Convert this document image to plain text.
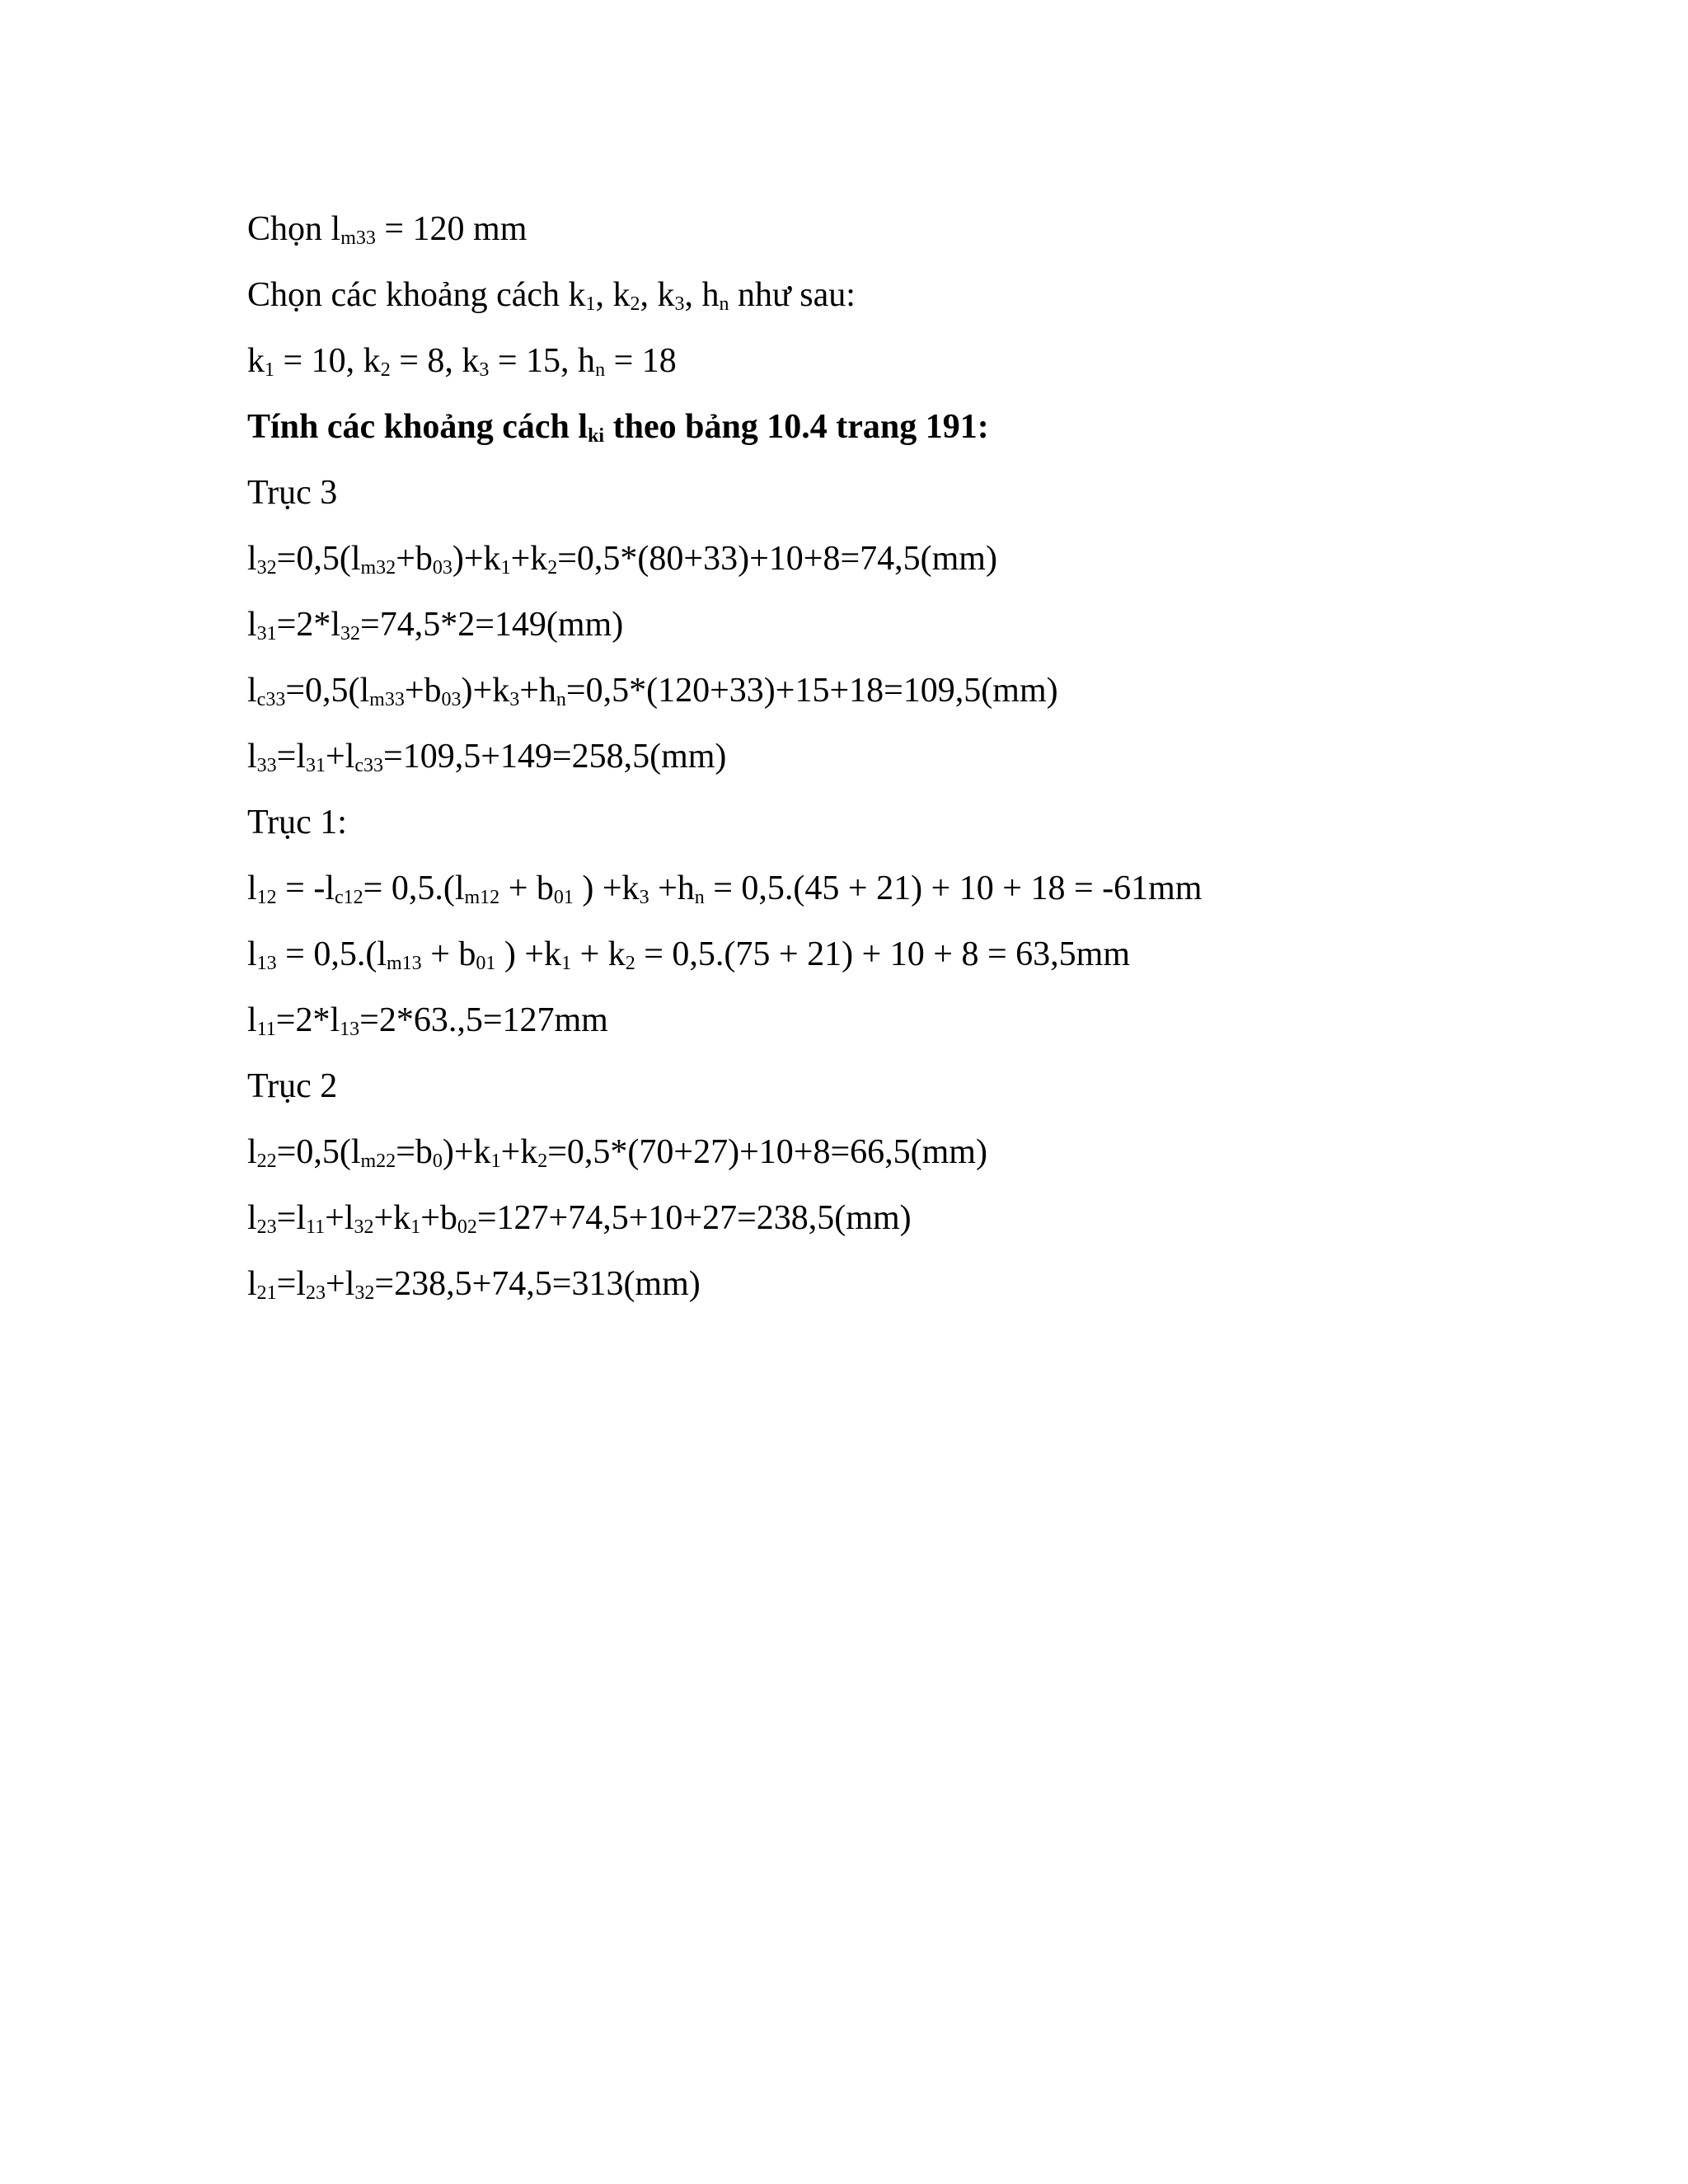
Chọn $l_{m33} = 120$ mm
Chọn các khoảng cách $k_1$, $k_2$, $k_3$, $h_n$ như sau:
$k_1 = 10$, $k_2 = 8$, $k_3 = 15$, $h_n = 18$
Tính các khoảng cách $l_{ki}$ theo bảng 10.4 trang 191:
Trục 3
$l_{32}=0,5(l_{m32}+b_{03})+k_1+k_2=0,5*(80+33)+10+8=74,5(mm)$
$l_{31}=2*l_{32}=74,5*2=149(mm)$
$l_{c33}=0,5(l_{m33}+b_{03})+k_3+h_n=0,5*(120+33)+15+18=109,5(mm)$
$l_{33}=l_{31}+l_{c33}=109,5+149=258,5(mm)$
Trục 1:
$l_{12} = -l_{c12}= 0,5.(l_{m12} + b_{01}$ ) $+k_3 +h_n = 0,5.(45 + 21) + 10 + 18 = -61mm$
$l_{13} = 0,5.(l_{m13} + b_{01}$ ) $+k_1 + k_2 = 0,5.(75 + 21) + 10 + 8 = 63,5mm$
$l_{11}=2*l_{13}=2*63.,5=127mm$
Trục 2
$l_{22}=0,5(l_{m22}=b_0)+k_1+k_2=0,5*(70+27)+10+8=66,5(mm)$
$l_{23}=l_{11}+l_{32}+k_1+b_{02}=127+74,5+10+27=238,5(mm)$
$l_{21}=l_{23}+l_{32}=238,5+74,5=313(mm)$
